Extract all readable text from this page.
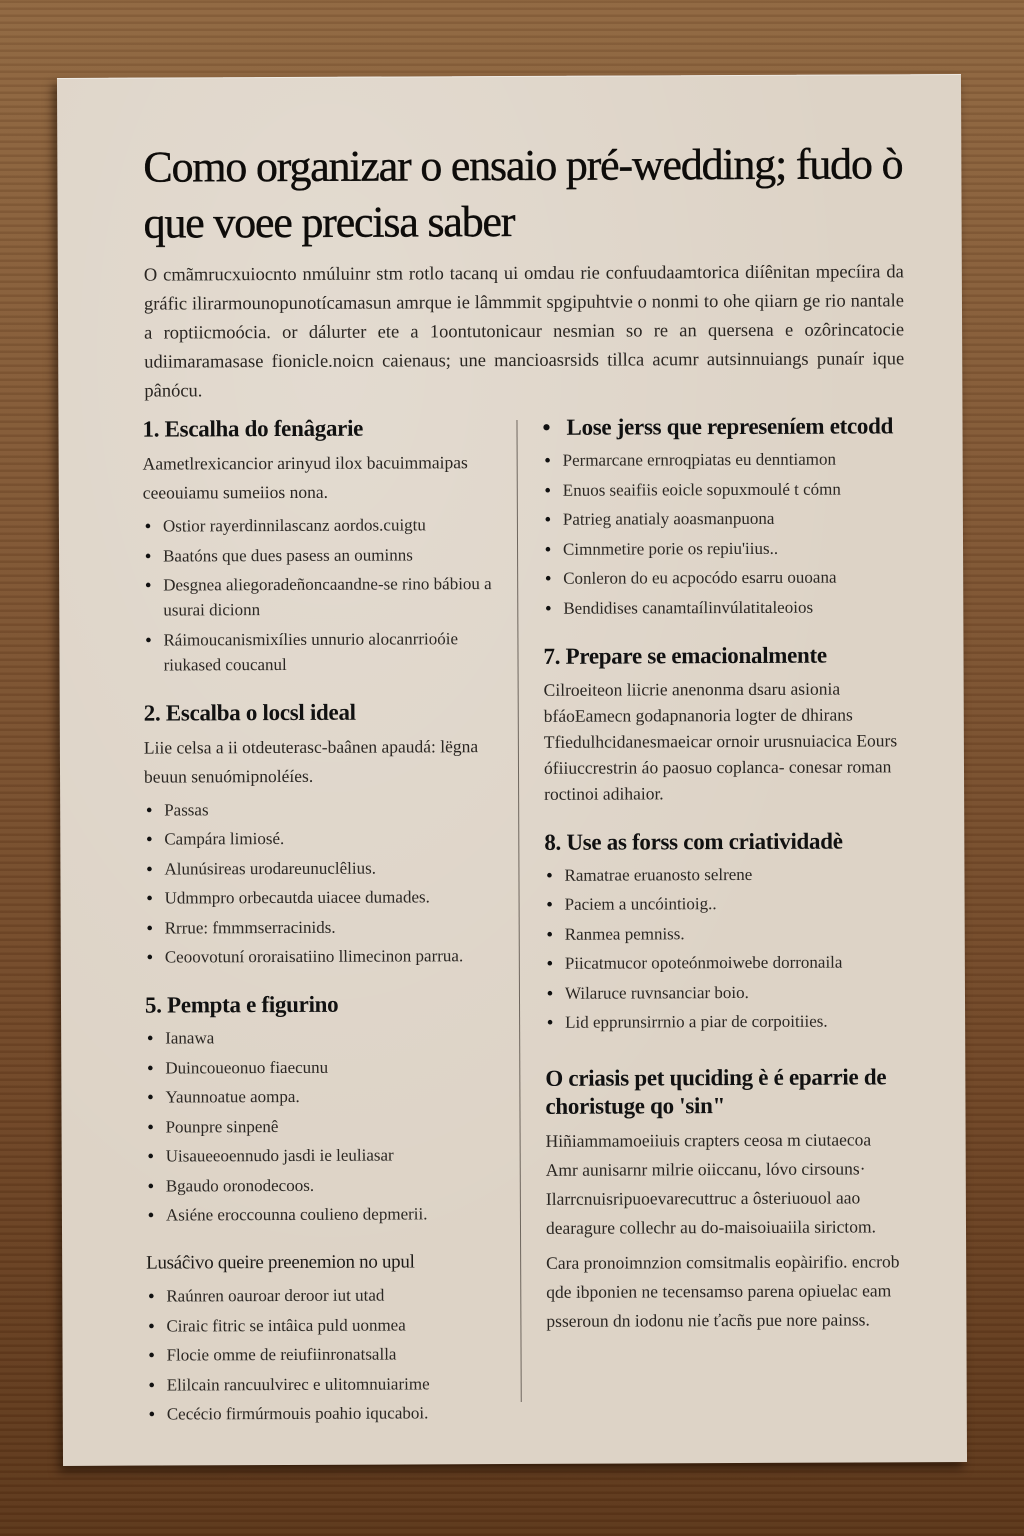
Como organizar o ensaio pré-wedding; fudo ò que voee precisa saber

O cmãmrucxuiocnto nmúluinr stm rotlo tacanq ui omdau rie confuudaamtorica diíênitan mpecíira da gráfic ilirarmounopunotícamasun amrque ie lâmmmit spgipuhtvie o nonmi to ohe qiiarn ge rio nantale a roptiicmoócia. or dálurter ete a 1oontutonicaur nesmian so re an quersena e ozôrincatocie udiimaramasase fionicle.noicn caienaus; une mancioasrsids tillca acumr autsinnuiangs punaír ique pânócu.

1. Escalha do fenâgarie

Aametlrexicancior arinyud ilox bacuimmaipas ceeouiamu sumeiios nona.

• Ostior rayerdinnilascanz aordos.cuigtu
• Baatóns que dues pasess an ouminns
• Desgnea aliegoradeñoncaandne-se rino bábiou a usurai dicionn
• Ráimoucanismixílies unnurio alocanrrioóie riukased coucanul
2. Escalba o locsl ideal

Liie celsa a ii otdeuterasc-baânen apaudá: lëgna beuun senuómipnoléíes.

• Passas
• Campára limiosé.
• Alunúsireas urodareunuclêlius.
• Udmmpro orbecautda uiacee dumades.
• Rrrue: fmmmserracinids.
• Ceoovotuní ororaisatiino llimecinon parrua.
5. Pempta e figurino
• Ianawa
• Duincoueonuo fiaecunu
• Yaunnoatue aompa.
• Pounpre sinpenê
• Uisaueeoennudo jasdi ie leuliasar
• Bgaudo oronodecoos.
• Asiéne eroccounna coulieno depmerii.
Lusáĉivo queire preenemion no upul
• Raúnren oauroar deroor iut utad
• Ciraic fitric se intâica puld uonmea
• Flocie omme de reiufiinronatsalla
• Elilcain rancuulvirec e ulitomnuiarime
• Cecécio firmúrmouis poahio iqucaboi.
• Lose jerss que represeníem etcodd
• Permarcane ernroqpiatas eu denntiamon
• Enuos seaifiis eoicle sopuxmoulé t cómn
• Patrieg anatialy aoasmanpuona
• Cimnmetire porie os repiu'iius..
• Conleron do eu acpocódo esarru ouoana
• Bendidises canamtaílinvúlatitaleoios
7. Prepare se emacionalmente

Cilroeiteon liicrie anenonma dsaru asionia bfáoEamecn godapnanoria logter de dhirans Tfiedulhcidanesmaeicar ornoir urusnuiacica Eours ófiiuccrestrin áo paosuo coplanca- conesar roman roctinoi adihaior.

8. Use as forss com criatividadè
• Ramatrae eruanosto selrene
• Paciem a uncóintioig..
• Ranmea pemniss.
• Piicatmucor opoteónmoiwebe dorronaila
• Wilaruce ruvnsanciar boio.
• Lid epprunsirrnio a piar de corpoitiies.
O criasis pet ɥuciding è é eparrie de choristuge qo 'sin"

Hiñiammamoeiiuis crapters ceosa m ciutaecoa Amr aunisarnr milrie oiiccanu, lóvo cirsouns· Ilarrcnuisripuoevarecuttruc a ôsteriuouol aao dearagure collechr au do-maisoiuaiila sirictom.

Cara pronoimnzion comsitmalis eopàirifio. encrob qde ibponien ne tecensamso parena opiuelac eam psseroun dn iodonu nie ťacñs pue nore painss.
